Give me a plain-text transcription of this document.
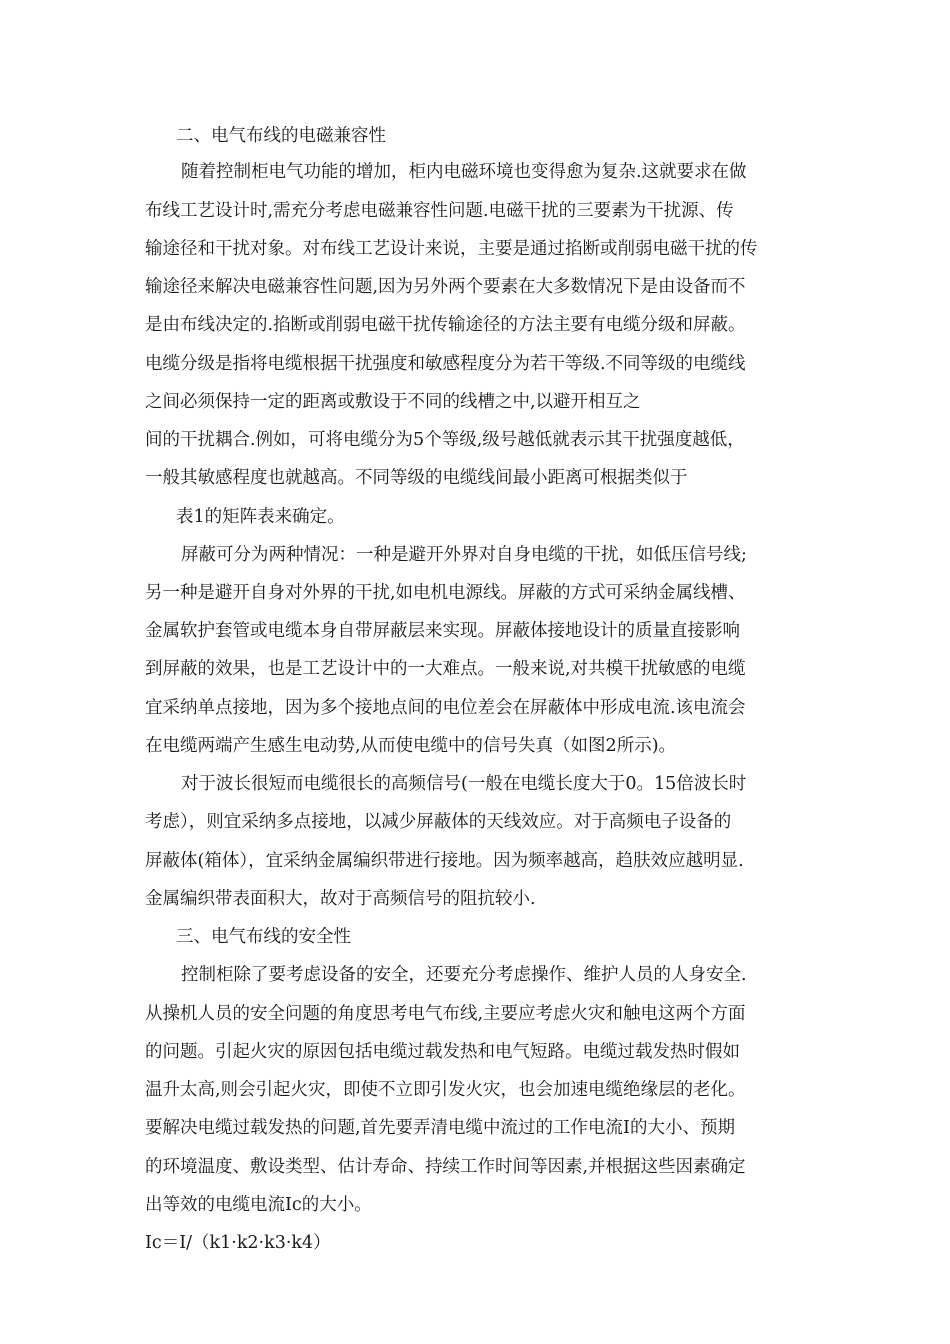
二、电气布线的电磁兼容性
随着控制柜电气功能的增加，柜内电磁环境也变得愈为复杂.这就要求在做
布线工艺设计时,需充分考虑电磁兼容性问题.电磁干扰的三要素为干扰源、传
输途径和干扰对象。对布线工艺设计来说，主要是通过掐断或削弱电磁干扰的传
输途径来解决电磁兼容性问题,因为另外两个要素在大多数情况下是由设备而不
是由布线决定的.掐断或削弱电磁干扰传输途径的方法主要有电缆分级和屏蔽。
电缆分级是指将电缆根据干扰强度和敏感程度分为若干等级.不同等级的电缆线
之间必须保持一定的距离或敷设于不同的线槽之中,以避开相互之
间的干扰耦合.例如，可将电缆分为5个等级,级号越低就表示其干扰强度越低，
一般其敏感程度也就越高。不同等级的电缆线间最小距离可根据类似于
表1的矩阵表来确定。
屏蔽可分为两种情况：一种是避开外界对自身电缆的干扰，如低压信号线;
另一种是避开自身对外界的干扰,如电机电源线。屏蔽的方式可采纳金属线槽、
金属软护套管或电缆本身自带屏蔽层来实现。屏蔽体接地设计的质量直接影响
到屏蔽的效果，也是工艺设计中的一大难点。一般来说,对共模干扰敏感的电缆
宜采纳单点接地，因为多个接地点间的电位差会在屏蔽体中形成电流.该电流会
在电缆两端产生感生电动势,从而使电缆中的信号失真（如图2所示)。
对于波长很短而电缆很长的高频信号(一般在电缆长度大于0。15倍波长时
考虑），则宜采纳多点接地，以减少屏蔽体的天线效应。对于高频电子设备的
屏蔽体(箱体），宜采纳金属编织带进行接地。因为频率越高，趋肤效应越明显.
金属编织带表面积大，故对于高频信号的阻抗较小.
三、电气布线的安全性
控制柜除了要考虑设备的安全，还要充分考虑操作、维护人员的人身安全.
从操机人员的安全问题的角度思考电气布线,主要应考虑火灾和触电这两个方面
的问题。引起火灾的原因包括电缆过载发热和电气短路。电缆过载发热时假如
温升太高,则会引起火灾，即使不立即引发火灾，也会加速电缆绝缘层的老化。
要解决电缆过载发热的问题,首先要弄清电缆中流过的工作电流Ⅰ的大小、预期
的环境温度、敷设类型、估计寿命、持续工作时间等因素,并根据这些因素确定
出等效的电缆电流Ⅰc的大小。
Ⅰc＝Ⅰ/（k1·k2·k3·k4）
